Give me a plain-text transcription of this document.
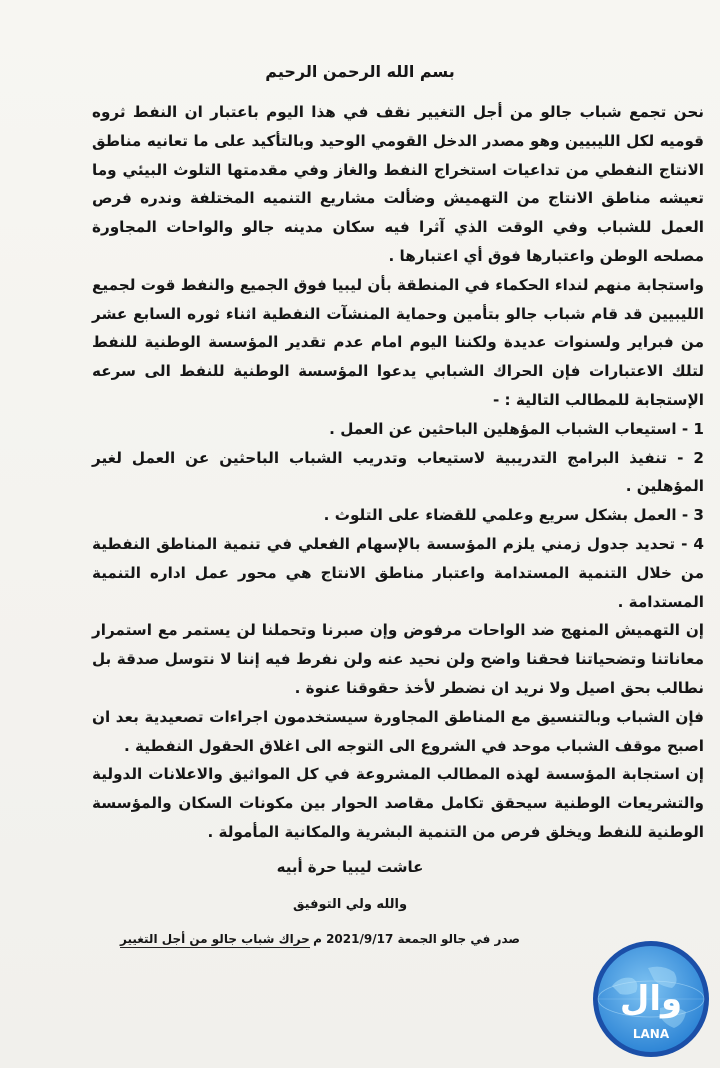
بسم الله الرحمن الرحيم

نحن تجمع شباب جالو من أجل التغيير نقف في هذا اليوم باعتبار ان النفط ثروه قوميه لكل الليبيين وهو مصدر الدخل القومي الوحيد وبالتأكيد على ما تعانيه مناطق الانتاج النفطي من تداعيات استخراج النفط والغاز وفي مقدمتها التلوث البيئي وما تعيشه مناطق الانتاج من التهميش وضألت مشاريع التنميه المختلفة وندره فرص العمل للشباب وفي الوقت الذي آثرا فيه سكان مدينه جالو والواحات المجاورة مصلحه الوطن واعتبارها فوق أي اعتبارها .

واستجابة منهم لنداء الحكماء في المنطقة بأن ليبيا فوق الجميع والنفط قوت لجميع الليبيين قد قام شباب جالو بتأمين وحماية المنشآت النفطية اثناء ثوره السابع عشر من فبراير ولسنوات عديدة ولكننا اليوم امام عدم تقدير المؤسسة الوطنية للنفط لتلك الاعتبارات فإن الحراك الشبابي يدعوا المؤسسة الوطنية للنفط الى سرعه الإستجابة للمطالب التالية : -

1 - استيعاب الشباب المؤهلين الباحثين عن العمل .

2 - تنفيذ البرامج التدريبية لاستيعاب وتدريب الشباب الباحثين عن العمل لغير المؤهلين .

3 - العمل بشكل سريع وعلمي للقضاء على التلوث .

4 - تحديد جدول زمني يلزم المؤسسة بالإسهام الفعلي في تنمية المناطق النفطية من خلال التنمية المستدامة واعتبار مناطق الانتاج هي محور عمل اداره التنمية المستدامة .

إن التهميش المنهج ضد الواحات مرفوض وإن صبرنا وتحملنا لن يستمر مع استمرار معاناتنا وتضحياتنا فحقنا واضح ولن نحيد عنه ولن نفرط فيه إننا لا نتوسل صدقة بل نطالب بحق اصيل ولا نريد ان نضطر لأخذ حقوقنا عنوة .

فإن الشباب وبالتنسيق مع المناطق المجاورة سيستخدمون اجراءات تصعيدية بعد ان اصبح موقف الشباب موحد في الشروع الى التوجه الى اغلاق الحقول النفطية .

إن استجابة المؤسسة لهذه المطالب المشروعة في كل المواثيق والاعلانات الدولية والتشريعات الوطنية سيحقق تكامل مقاصد الحوار بين مكونات السكان والمؤسسة الوطنية للنفط ويخلق فرص من التنمية البشرية والمكانية المأمولة .

عاشت ليبيا حرة أبيه
والله ولي التوفيق
صدر في جالو الجمعة 2021/9/17 م
حراك شباب جالو من أجل التغيير
وال
LANA
